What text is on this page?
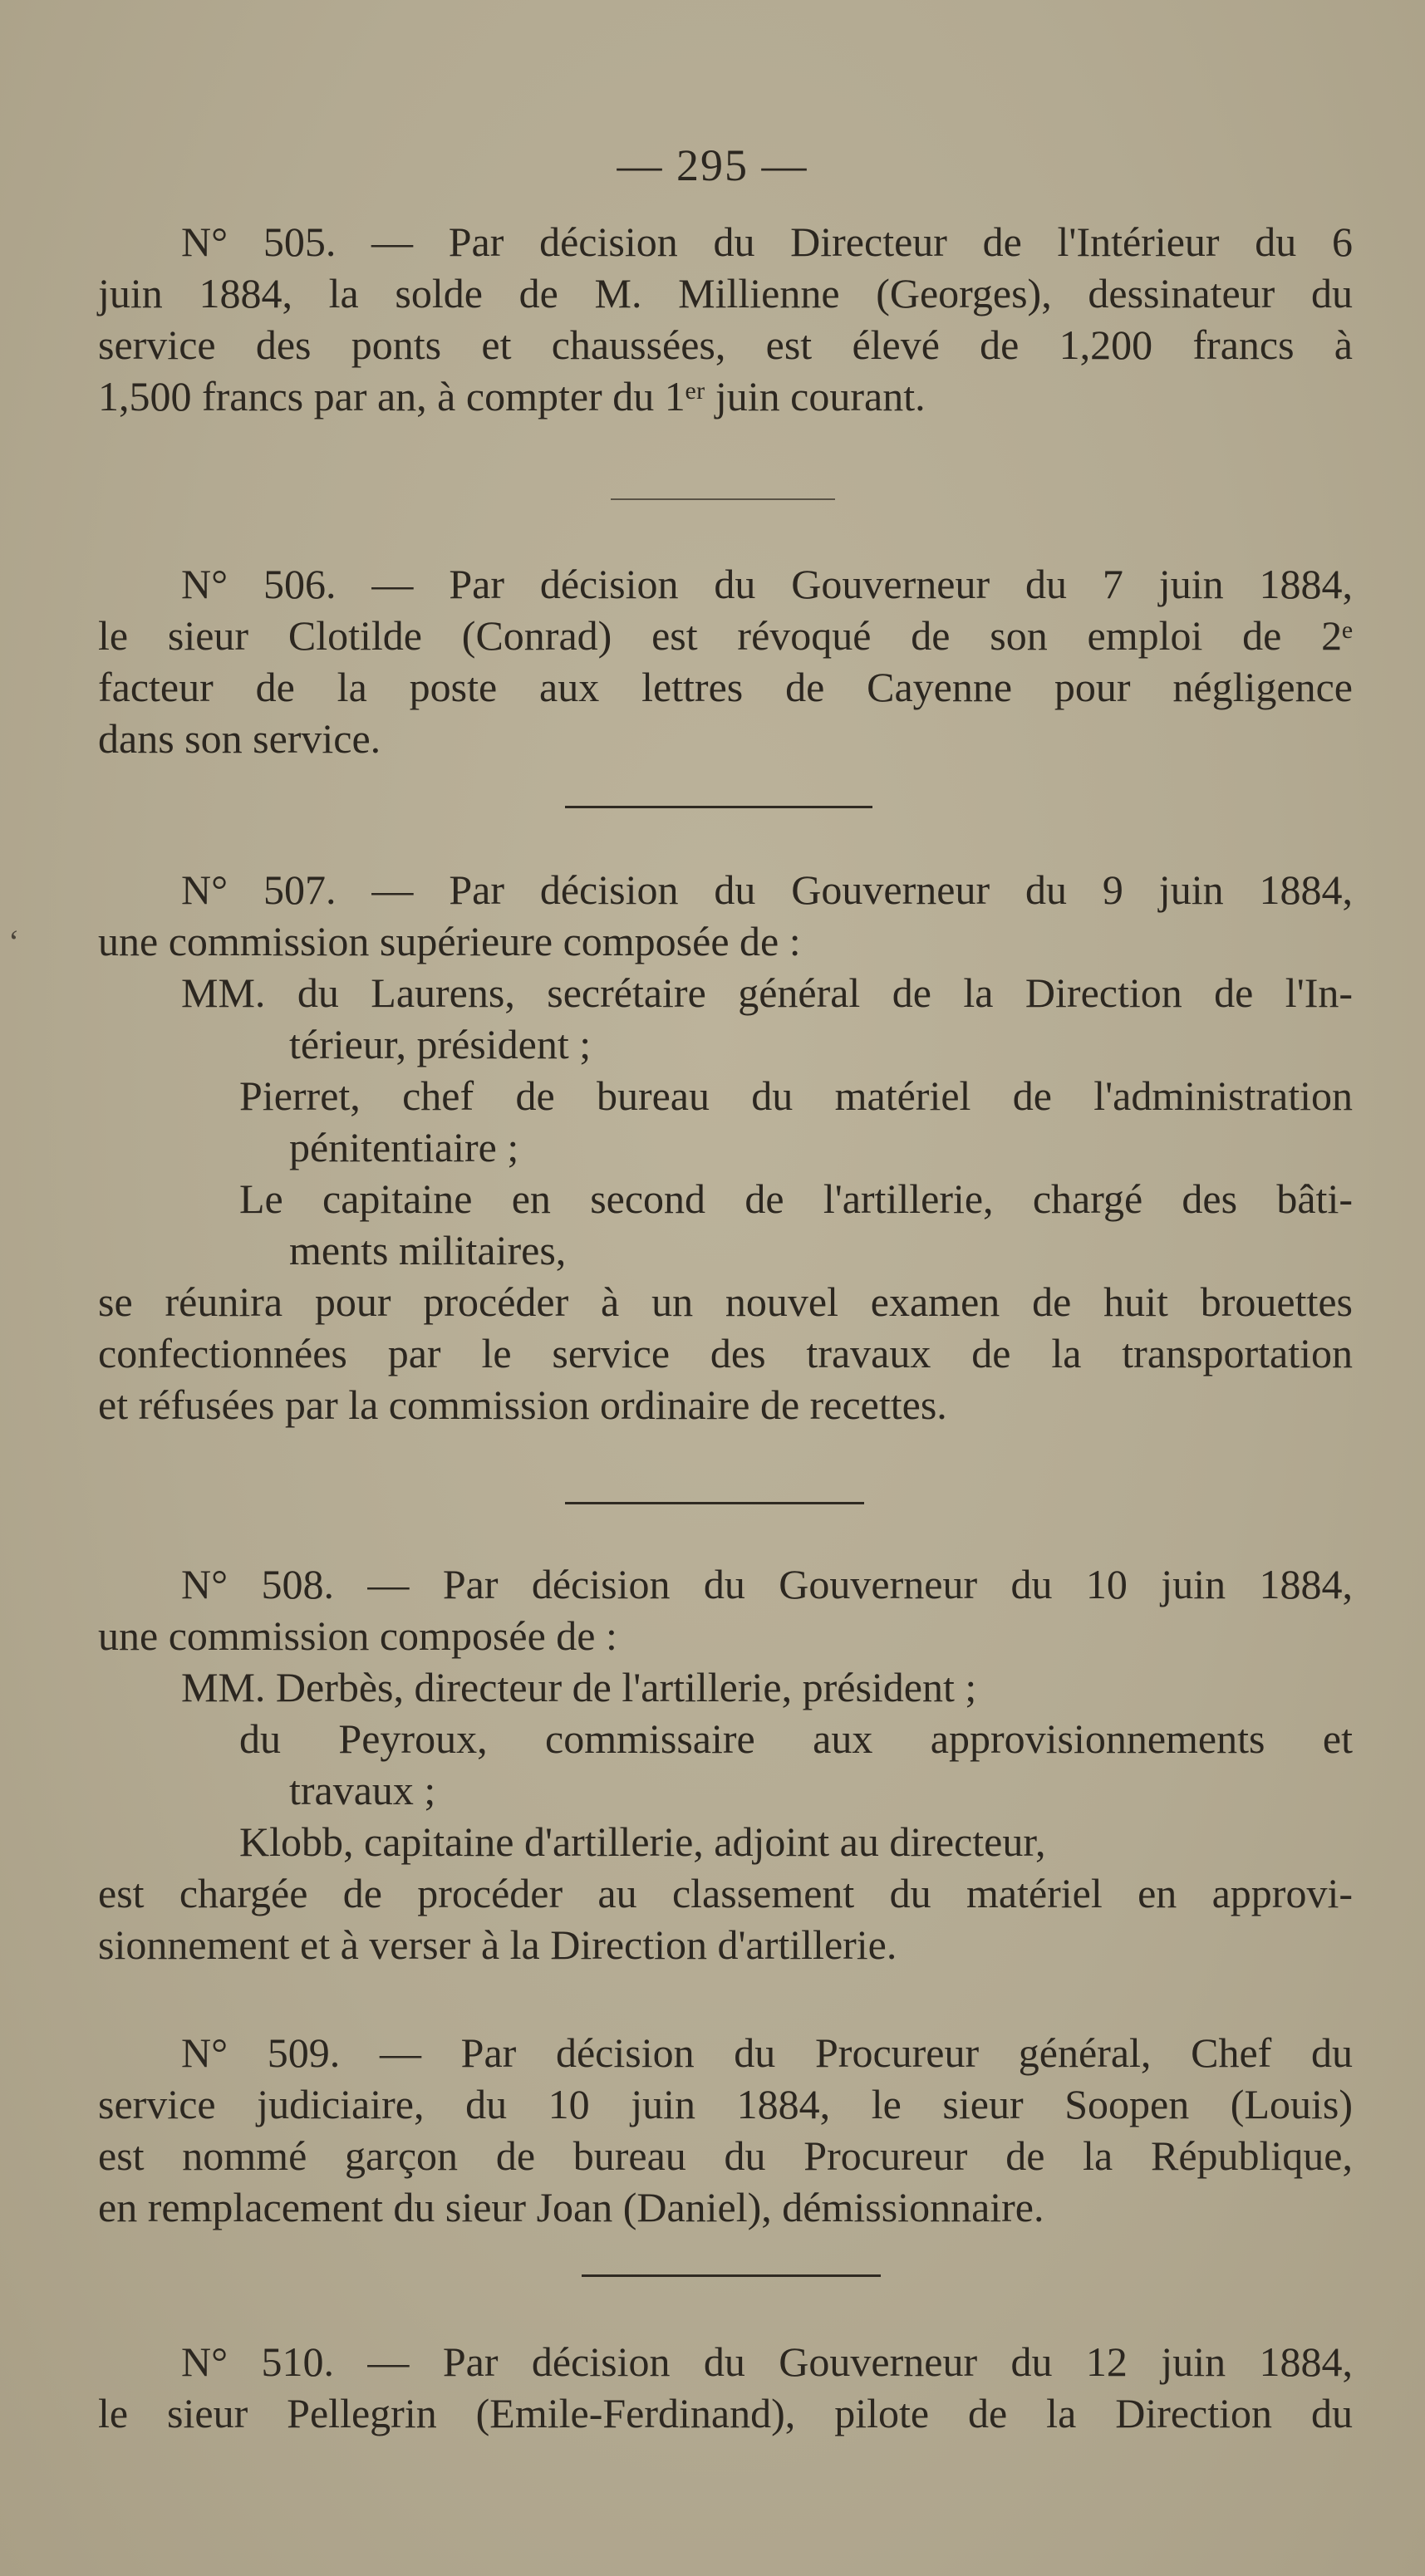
— 295 —
ʻ
N° 505. — Par décision du Directeur de l'Intérieur du 6
juin 1884, la solde de M. Millienne (Georges), dessinateur du
service des ponts et chaussées, est élevé de 1,200 francs à
1,500 francs par an, à compter du 1ᵉʳ juin courant.
N° 506. — Par décision du Gouverneur du 7 juin 1884,
le sieur Clotilde (Conrad) est révoqué de son emploi de 2ᵉ
facteur de la poste aux lettres de Cayenne pour négligence
dans son service.
N° 507. — Par décision du Gouverneur du 9 juin 1884,
une commission supérieure composée de :
MM. du Laurens, secrétaire général de la Direction de l'In-
térieur, président ;
Pierret, chef de bureau du matériel de l'administration
pénitentiaire ;
Le capitaine en second de l'artillerie, chargé des bâti-
ments militaires,
se réunira pour procéder à un nouvel examen de huit brouettes
confectionnées par le service des travaux de la transportation
et réfusées par la commission ordinaire de recettes.
N° 508. — Par décision du Gouverneur du 10 juin 1884,
une commission composée de :
MM. Derbès, directeur de l'artillerie, président ;
du Peyroux, commissaire aux approvisionnements et
travaux ;
Klobb, capitaine d'artillerie, adjoint au directeur,
est chargée de procéder au classement du matériel en approvi-
sionnement et à verser à la Direction d'artillerie.
N° 509. — Par décision du Procureur général, Chef du
service judiciaire, du 10 juin 1884, le sieur Soopen (Louis)
est nommé garçon de bureau du Procureur de la République,
en remplacement du sieur Joan (Daniel), démissionnaire.
N° 510. — Par décision du Gouverneur du 12 juin 1884,
le sieur Pellegrin (Emile-Ferdinand), pilote de la Direction du
